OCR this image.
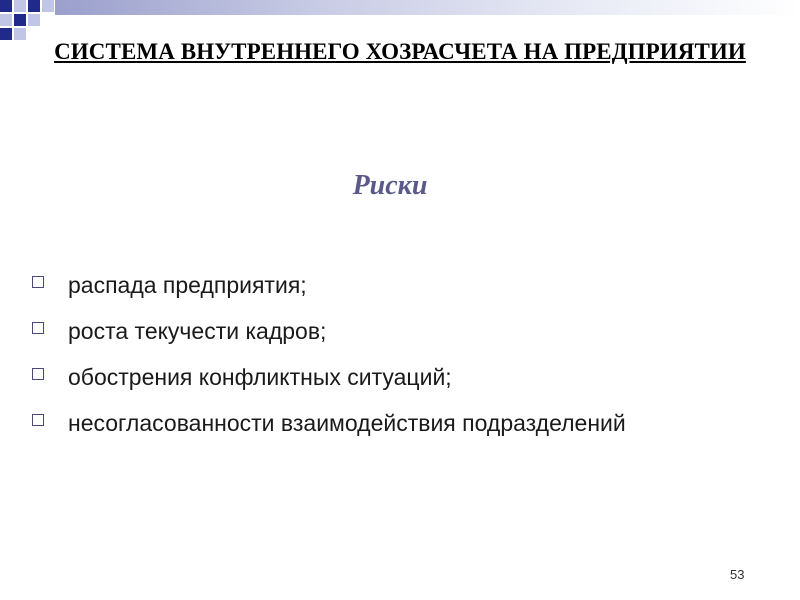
СИСТЕМА ВНУТРЕННЕГО ХОЗРАСЧЕТА НА ПРЕДПРИЯТИИ
Риски
распада предприятия;
роста текучести кадров;
обострения конфликтных ситуаций;
несогласованности взаимодействия подразделений
53
